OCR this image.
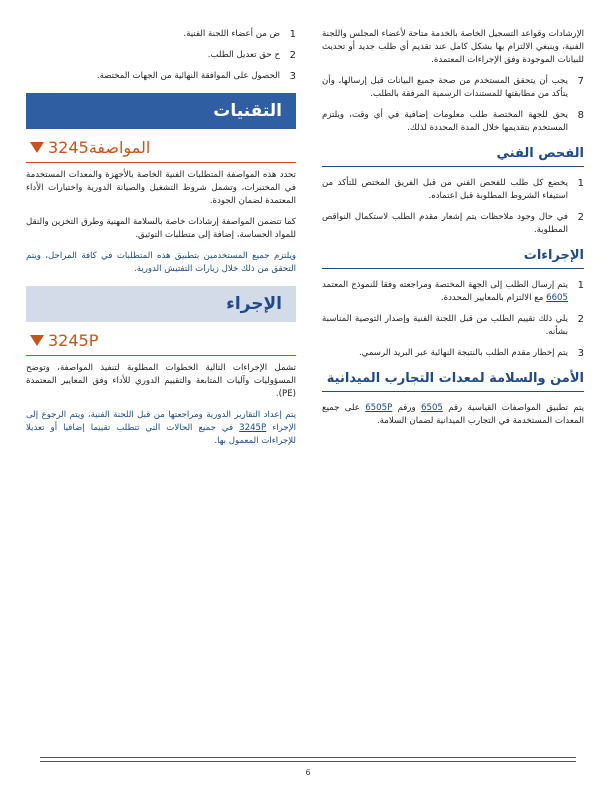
الإرشادات وقواعد التسجيل الخاصة بالخدمة متاحة لأعضاء المجلس واللجنة الفنية، وينبغي الالتزام بها بشكل كامل عند تقديم أي طلب جديد أو تحديث للبيانات الموجودة وفق الإجراءات المعتمدة.

7
يجب أن يتحقق المستخدم من صحة جميع البيانات قبل إرسالها، وأن يتأكد من مطابقتها للمستندات الرسمية المرفقة بالطلب.
8
يحق للجهة المختصة طلب معلومات إضافية في أي وقت، ويلتزم المستخدم بتقديمها خلال المدة المحددة لذلك.
الفحص الفني
1
يخضع كل طلب للفحص الفني من قبل الفريق المختص للتأكد من استيفاء الشروط المطلوبة قبل اعتماده.
2
في حال وجود ملاحظات يتم إشعار مقدم الطلب لاستكمال النواقص المطلوبة.
الإجراءات
1
يتم إرسال الطلب إلى الجهة المختصة ومراجعته وفقا للنموذج المعتمد 6605 مع الالتزام بالمعايير المحددة.
2
يلي ذلك تقييم الطلب من قبل اللجنة الفنية وإصدار التوصية المناسبة بشأنه.
3
يتم إخطار مقدم الطلب بالنتيجة النهائية عبر البريد الرسمي.
الأمن والسلامة لمعدات التجارب الميدانية

يتم تطبيق المواصفات القياسية رقم 6505 ورقم 6505P على جميع المعدات المستخدمة في التجارب الميدانية لضمان السلامة.

1
ض من أعضاء اللجنة الفنية.
2
ح حق تعديل الطلب.
3
الحصول على الموافقة النهائية من الجهات المختصة.
التقنيات
3245المواصفة

تحدد هذه المواصفة المتطلبات الفنية الخاصة بالأجهزة والمعدات المستخدمة في المختبرات، وتشمل شروط التشغيل والصيانة الدورية واختبارات الأداء المعتمدة لضمان الجودة.

كما تتضمن المواصفة إرشادات خاصة بالسلامة المهنية وطرق التخزين والنقل للمواد الحساسة، إضافة إلى متطلبات التوثيق.

ويلتزم جميع المستخدمين بتطبيق هذه المتطلبات في كافة المراحل، ويتم التحقق من ذلك خلال زيارات التفتيش الدورية.

الإجراء
3245P

تشمل الإجراءات التالية الخطوات المطلوبة لتنفيذ المواصفة، وتوضح المسؤوليات وآليات المتابعة والتقييم الدوري للأداء وفق المعايير المعتمدة (PE).

يتم إعداد التقارير الدورية ومراجعتها من قبل اللجنة الفنية، ويتم الرجوع إلى الإجراء 3245P في جميع الحالات التي تتطلب تقييما إضافيا أو تعديلا للإجراءات المعمول بها.

6
